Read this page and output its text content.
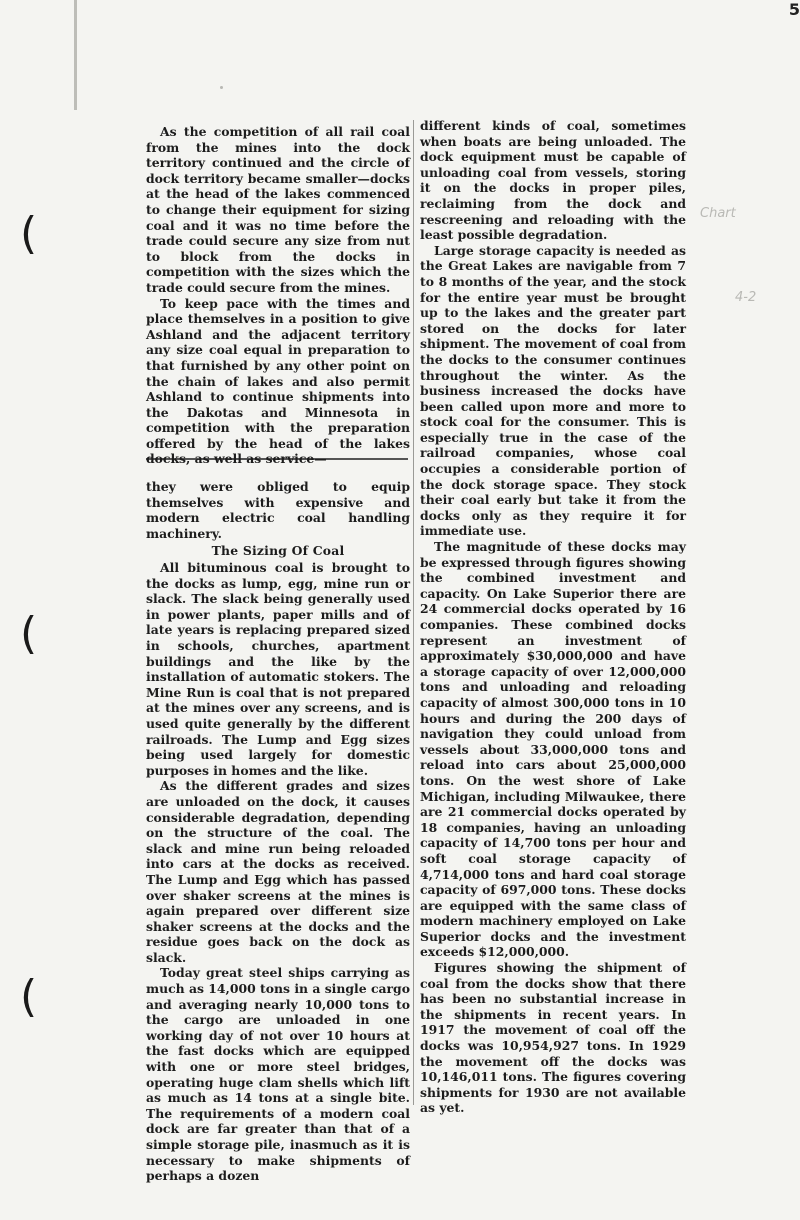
5
Chart
4-2
(
(
(

As the competition of all rail coal from the mines into the dock territory continued and the circle of dock territory became smaller—docks at the head of the lakes commenced to change their equipment for sizing coal and it was no time before the trade could secure any size from nut to block from the docks in competition with the sizes which the trade could secure from the mines.

To keep pace with the times and place themselves in a position to give Ashland and the adjacent territory any size coal equal in preparation to that furnished by any other point on the chain of lakes and also permit Ashland to continue shipments into the Dakotas and Minnesota in competition with the preparation offered by the head of the lakes docks, as well as service—

they were obliged to equip themselves with expensive and modern electric coal handling machinery.

The Sizing Of Coal

All bituminous coal is brought to the docks as lump, egg, mine run or slack. The slack being generally used in power plants, paper mills and of late years is replacing prepared sized in schools, churches, apartment buildings and the like by the installation of automatic stokers. The Mine Run is coal that is not prepared at the mines over any screens, and is used quite generally by the different railroads. The Lump and Egg sizes being used largely for domestic purposes in homes and the like.

As the different grades and sizes are unloaded on the dock, it causes considerable degradation, depending on the structure of the coal. The slack and mine run being reloaded into cars at the docks as received. The Lump and Egg which has passed over shaker screens at the mines is again prepared over different size shaker screens at the docks and the residue goes back on the dock as slack.

Today great steel ships carrying as much as 14,000 tons in a single cargo and averaging nearly 10,000 tons to the cargo are unloaded in one working day of not over 10 hours at the fast docks which are equipped with one or more steel bridges, operating huge clam shells which lift as much as 14 tons at a single bite. The requirements of a modern coal dock are far greater than that of a simple storage pile, inasmuch as it is necessary to make shipments of perhaps a dozen

different kinds of coal, sometimes when boats are being unloaded. The dock equipment must be capable of unloading coal from vessels, storing it on the docks in proper piles, reclaiming from the dock and rescreening and reloading with the least possible degradation.

Large storage capacity is needed as the Great Lakes are navigable from 7 to 8 months of the year, and the stock for the entire year must be brought up to the lakes and the greater part stored on the docks for later shipment. The movement of coal from the docks to the consumer continues throughout the winter. As the business increased the docks have been called upon more and more to stock coal for the consumer. This is especially true in the case of the railroad companies, whose coal occupies a considerable portion of the dock storage space. They stock their coal early but take it from the docks only as they require it for immediate use.

The magnitude of these docks may be expressed through figures showing the combined investment and capacity. On Lake Superior there are 24 commercial docks operated by 16 companies. These combined docks represent an investment of approximately $30,000,000 and have a storage capacity of over 12,000,000 tons and unloading and reloading capacity of almost 300,000 tons in 10 hours and during the 200 days of navigation they could unload from vessels about 33,000,000 tons and reload into cars about 25,000,000 tons. On the west shore of Lake Michigan, including Milwaukee, there are 21 commercial docks operated by 18 companies, having an unloading capacity of 14,700 tons per hour and soft coal storage capacity of 4,714,000 tons and hard coal storage capacity of 697,000 tons. These docks are equipped with the same class of modern machinery employed on Lake Superior docks and the investment exceeds $12,000,000.

Figures showing the shipment of coal from the docks show that there has been no substantial increase in the shipments in recent years. In 1917 the movement of coal off the docks was 10,954,927 tons. In 1929 the movement off the docks was 10,146,011 tons. The figures covering shipments for 1930 are not available as yet.
